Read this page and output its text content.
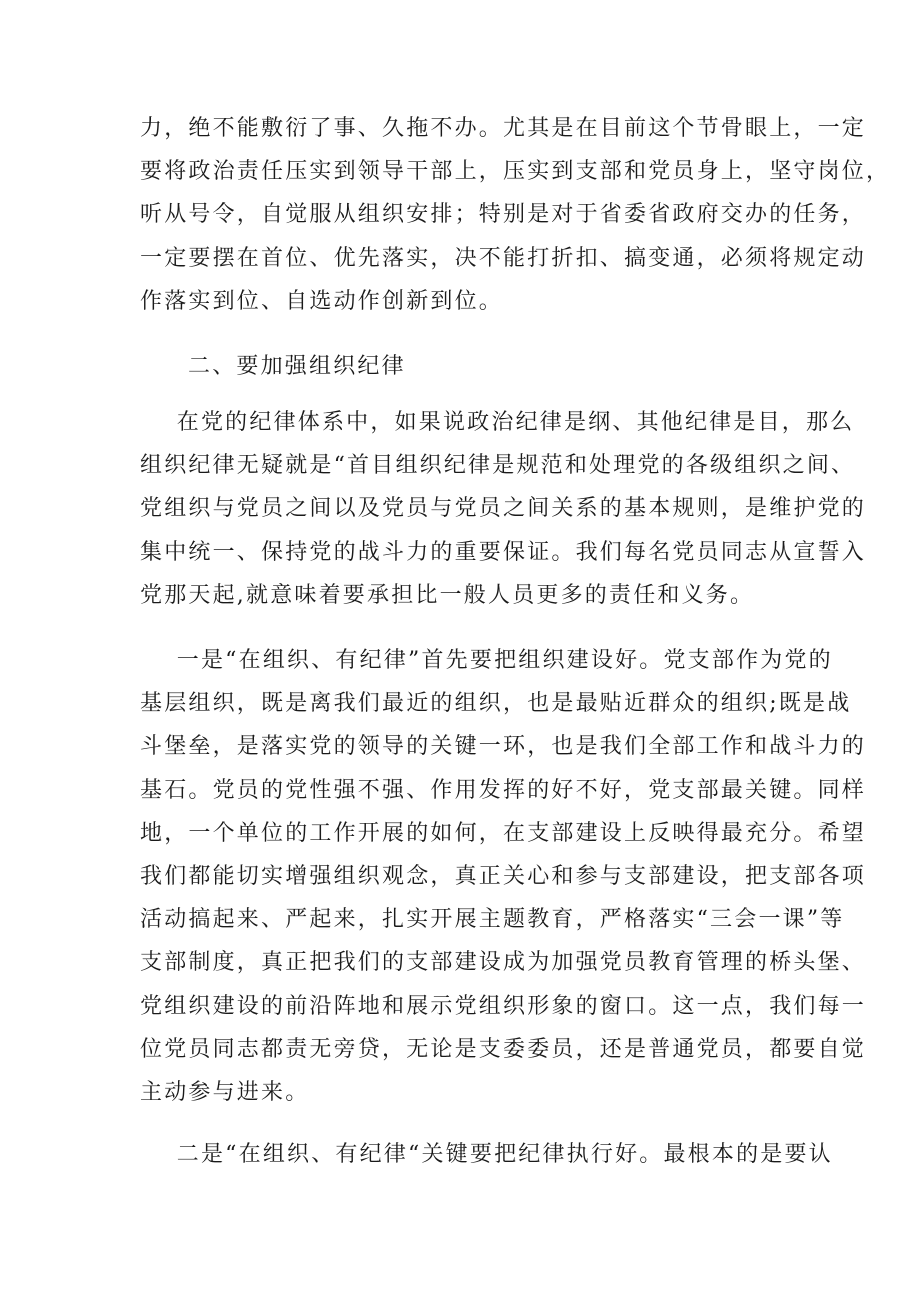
力，绝不能敷衍了事、久拖不办。尤其是在目前这个节骨眼上，一定
要将政治责任压实到领导干部上，压实到支部和党员身上，坚守岗位，
听从号令，自觉服从组织安排；特别是对于省委省政府交办的任务，
一定要摆在首位、优先落实，决不能打折扣、搞变通，必须将规定动
作落实到位、自选动作创新到位。
二、要加强组织纪律
在党的纪律体系中，如果说政治纪律是纲、其他纪律是目，那么
组织纪律无疑就是“首目组织纪律是规范和处理党的各级组织之间、
党组织与党员之间以及党员与党员之间关系的基本规则，是维护党的
集中统一、保持党的战斗力的重要保证。我们每名党员同志从宣誓入
党那天起,就意味着要承担比一般人员更多的责任和义务。
一是“在组织、有纪律”首先要把组织建设好。党支部作为党的
基层组织，既是离我们最近的组织，也是最贴近群众的组织;既是战
斗堡垒，是落实党的领导的关键一环，也是我们全部工作和战斗力的
基石。党员的党性强不强、作用发挥的好不好，党支部最关键。同样
地，一个单位的工作开展的如何，在支部建设上反映得最充分。希望
我们都能切实增强组织观念，真正关心和参与支部建设，把支部各项
活动搞起来、严起来，扎实开展主题教育，严格落实“三会一课”等
支部制度，真正把我们的支部建设成为加强党员教育管理的桥头堡、
党组织建设的前沿阵地和展示党组织形象的窗口。这一点，我们每一
位党员同志都责无旁贷，无论是支委委员，还是普通党员，都要自觉
主动参与进来。
二是“在组织、有纪律“关键要把纪律执行好。最根本的是要认
